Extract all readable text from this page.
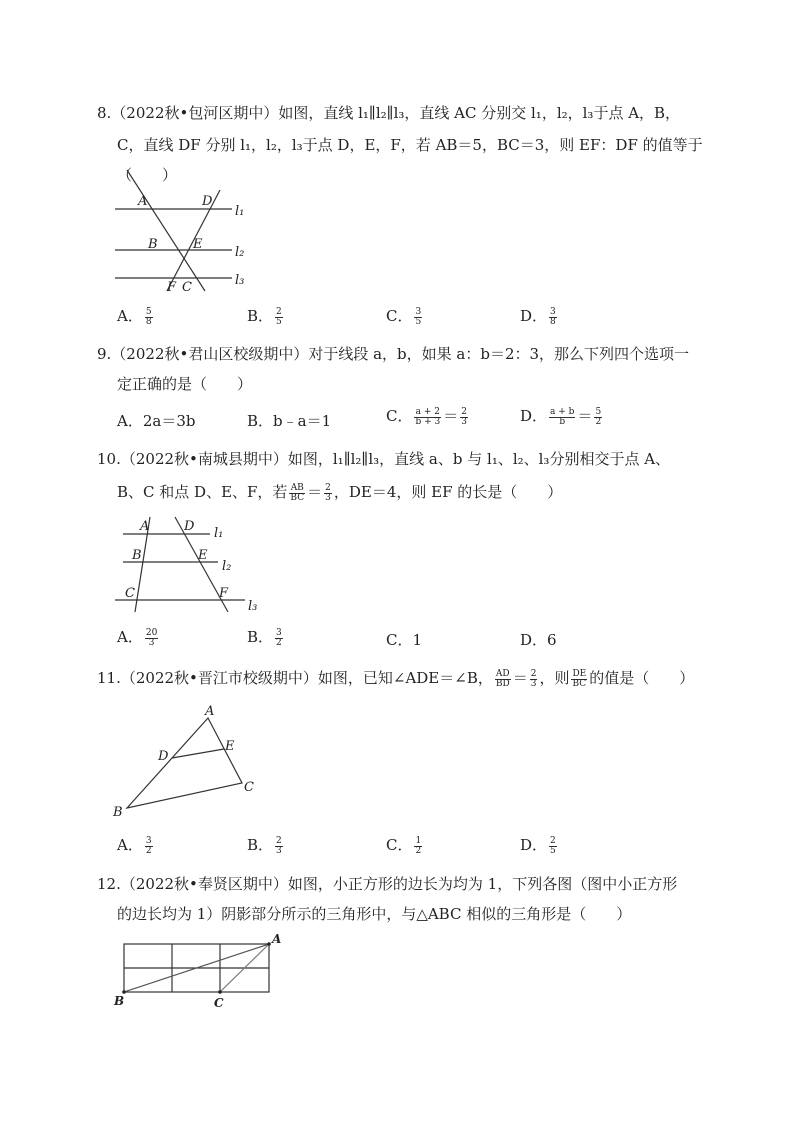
8.（2022秋•包河区期中）如图，直线 l₁∥l₂∥l₃，直线 AC 分别交 l₁，l₂，l₃于点 A，B，
C，直线 DF 分别 l₁，l₂，l₃于点 D，E，F，若 AB＝5，BC＝3，则 EF：DF 的值等于
（　　）
A	D
B	E
F C
l₁
l₂
l₃
A． $\frac{5}{8}$	B． $\frac{2}{5}$	C． $\frac{3}{5}$	D． $\frac{3}{8}$
9.（2022秋•君山区校级期中）对于线段 a，b，如果 a：b＝2：3，那么下列四个选项一
定正确的是（　　）
A．2a＝3b	B．b﹣a＝1	C． $\frac{a + 2}{b + 3} = \frac{2}{3}$	D． $\frac{a + b}{b} = \frac{5}{2}$
10.（2022秋•南城县期中）如图，l₁∥l₂∥l₃，直线 a、b 与 l₁、l₂、l₃分别相交于点 A、
B、C 和点 D、E、F，若 $\frac{AB}{BC} = \frac{2}{3}$ ，DE＝4，则 EF 的长是（　　）
A	D
B	E
C	F
l₁
l₂
l₃
A． $\frac{20}{3}$	B． $\frac{3}{2}$	C．1	D．6
11.（2022秋•晋江市校级期中）如图，已知∠ADE＝∠B， $\frac{AD}{BD} = \frac{2}{3}$ ，则 $\frac{DE}{BC}$ 的值是（　　）
A
D
E
B
C
A． $\frac{3}{2}$	B． $\frac{2}{3}$	C． $\frac{1}{2}$	D． $\frac{2}{5}$
12.（2022秋•奉贤区期中）如图，小正方形的边长为均为 1，下列各图（图中小正方形
的边长均为 1）阴影部分所示的三角形中，与△ABC 相似的三角形是（　　）
A
B	C
